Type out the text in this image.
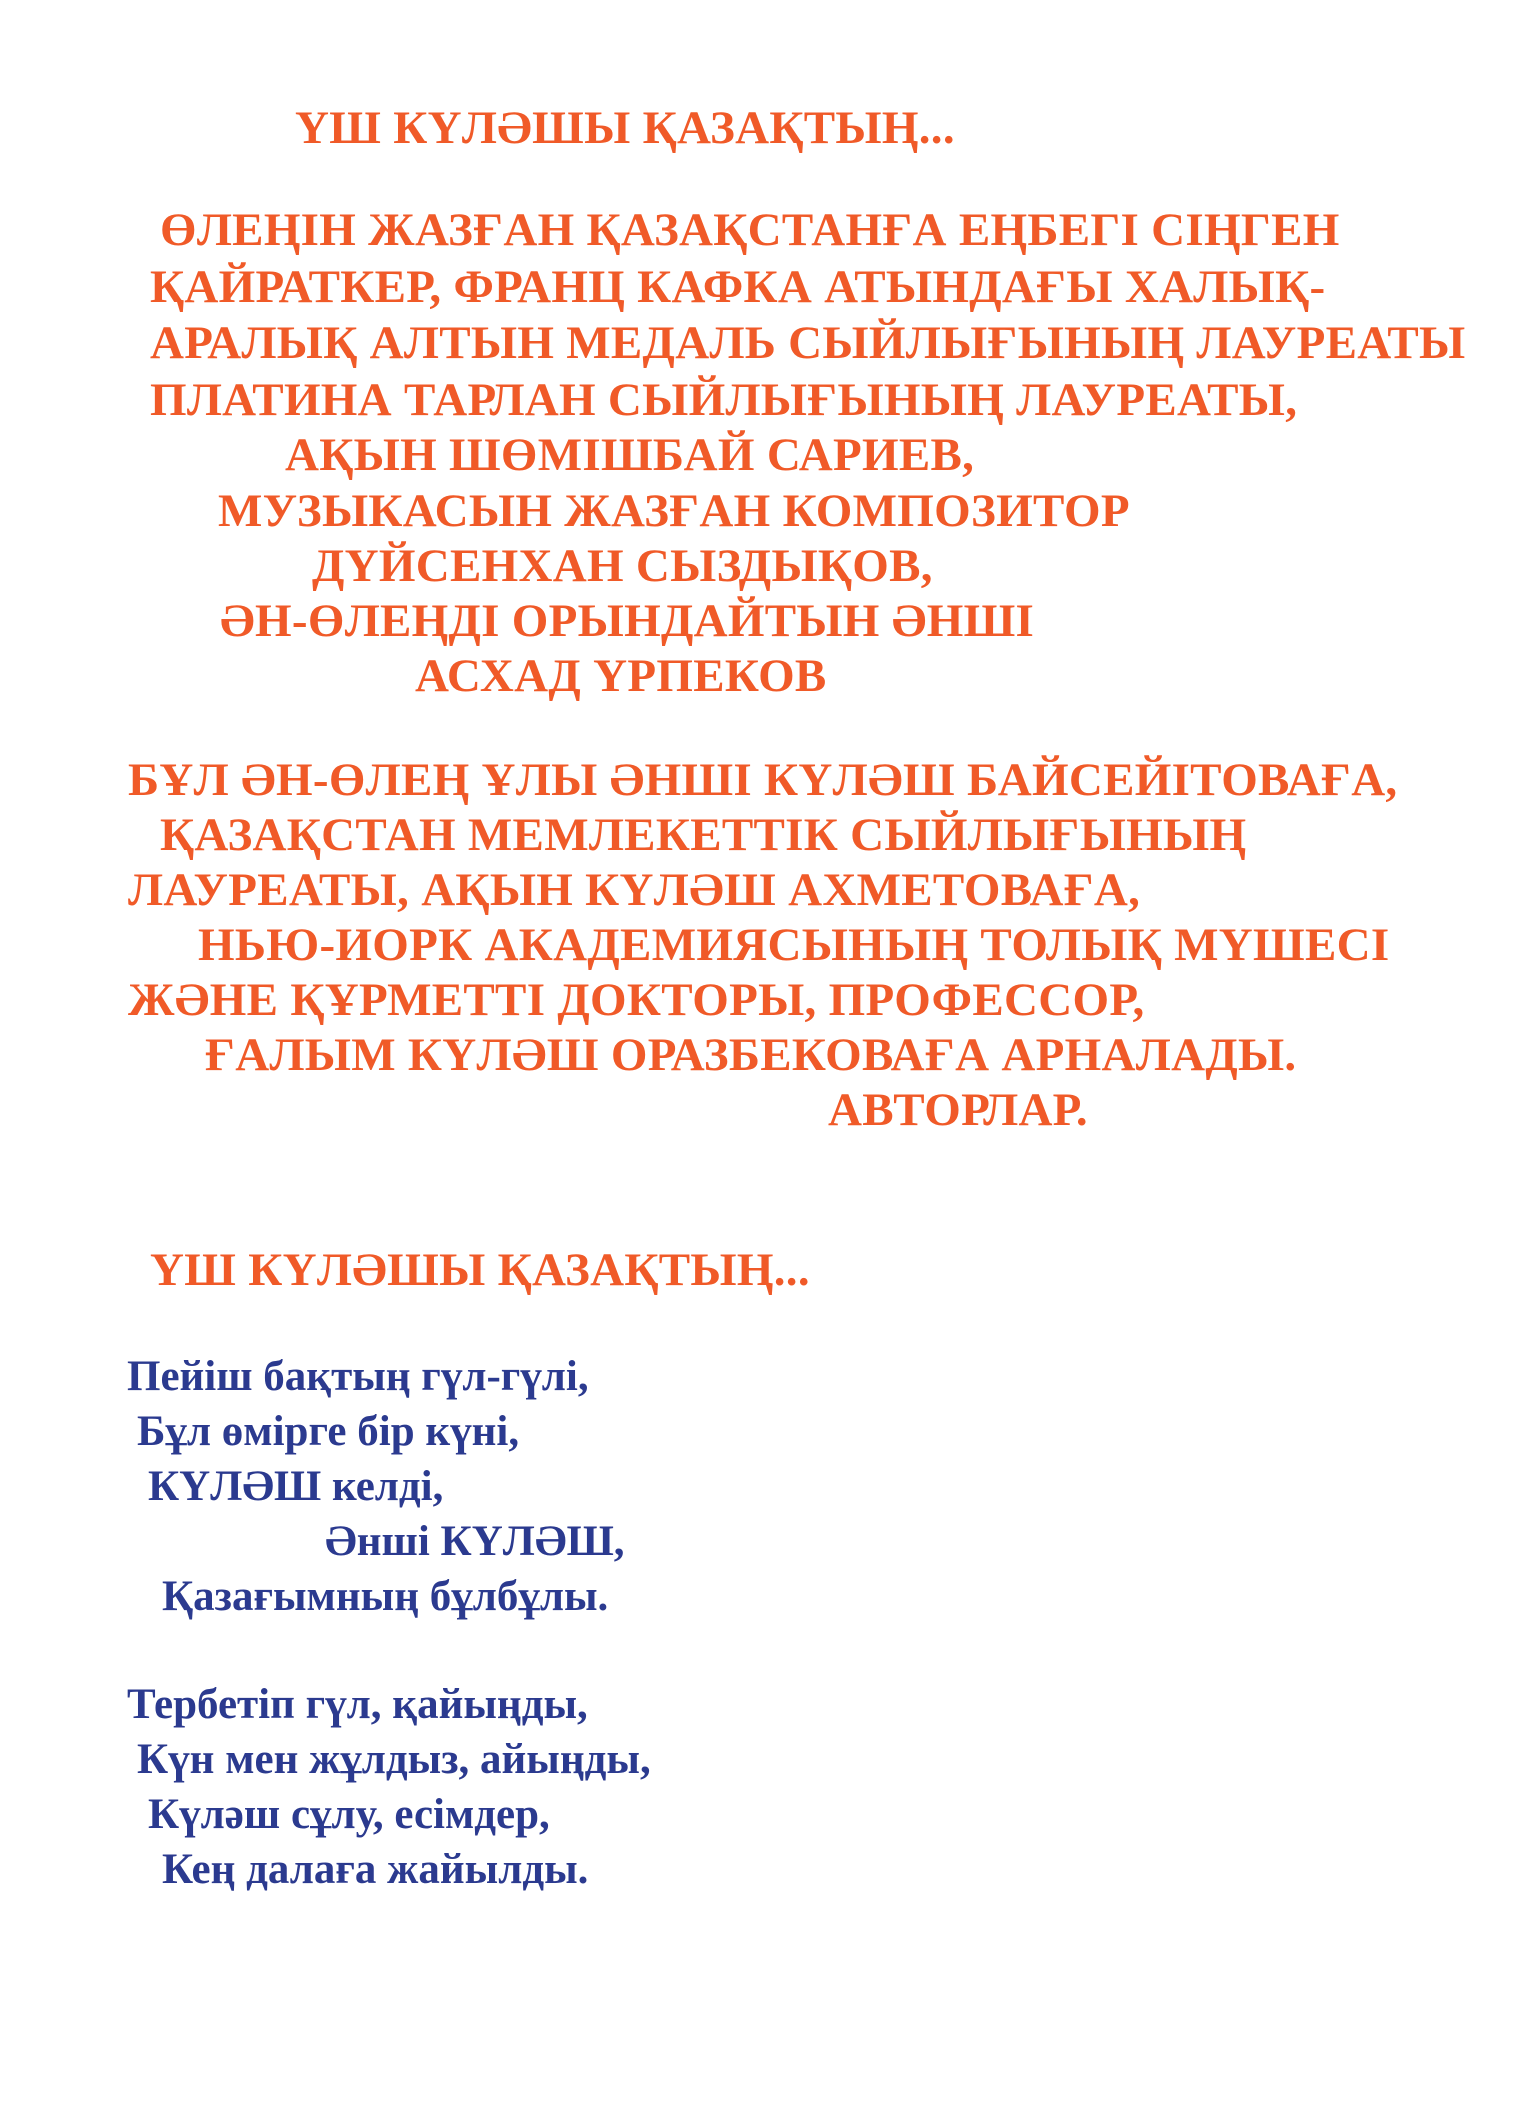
ҮШ КҮЛӘШЫ ҚАЗАҚТЫҢ...
ӨЛЕҢІН ЖАЗҒАН ҚАЗАҚСТАНҒА ЕҢБЕГІ СІҢГЕН
ҚАЙРАТКЕР, ФРАНЦ КАФКА АТЫНДАҒЫ ХАЛЫҚ-
АРАЛЫҚ АЛТЫН МЕДАЛЬ СЫЙЛЫҒЫНЫҢ ЛАУРЕАТЫ
ПЛАТИНА ТАРЛАН СЫЙЛЫҒЫНЫҢ ЛАУРЕАТЫ,
АҚЫН ШӨМІШБАЙ САРИЕВ,
МУЗЫКАСЫН ЖАЗҒАН КОМПОЗИТОР
ДҮЙСЕНХАН СЫЗДЫҚОВ,
ӘН-ӨЛЕҢДІ ОРЫНДАЙТЫН ӘНШІ
АСХАД ҮРПЕКОВ
БҰЛ ӘН-ӨЛЕҢ ҰЛЫ ӘНШІ КҮЛӘШ БАЙСЕЙІТОВАҒА,
ҚАЗАҚСТАН МЕМЛЕКЕТТІК СЫЙЛЫҒЫНЫҢ
ЛАУРЕАТЫ, АҚЫН КҮЛӘШ АХМЕТОВАҒА,
НЬЮ-ИОРК АКАДЕМИЯСЫНЫҢ ТОЛЫҚ МҮШЕСІ
ЖӘНЕ ҚҰРМЕТТІ ДОКТОРЫ, ПРОФЕССОР,
ҒАЛЫМ КҮЛӘШ ОРАЗБЕКОВАҒА АРНАЛАДЫ.
АВТОРЛАР.
ҮШ КҮЛӘШЫ ҚАЗАҚТЫҢ...
Пейіш бақтың гүл-гүлі,
Бұл өмірге бір күні,
КҮЛӘШ келді,
Әнші КҮЛӘШ,
Қазағымның бұлбұлы.
Тербетіп гүл, қайыңды,
Күн мен жұлдыз, айыңды,
Күләш сұлу, есімдер,
Кең далаға жайылды.
